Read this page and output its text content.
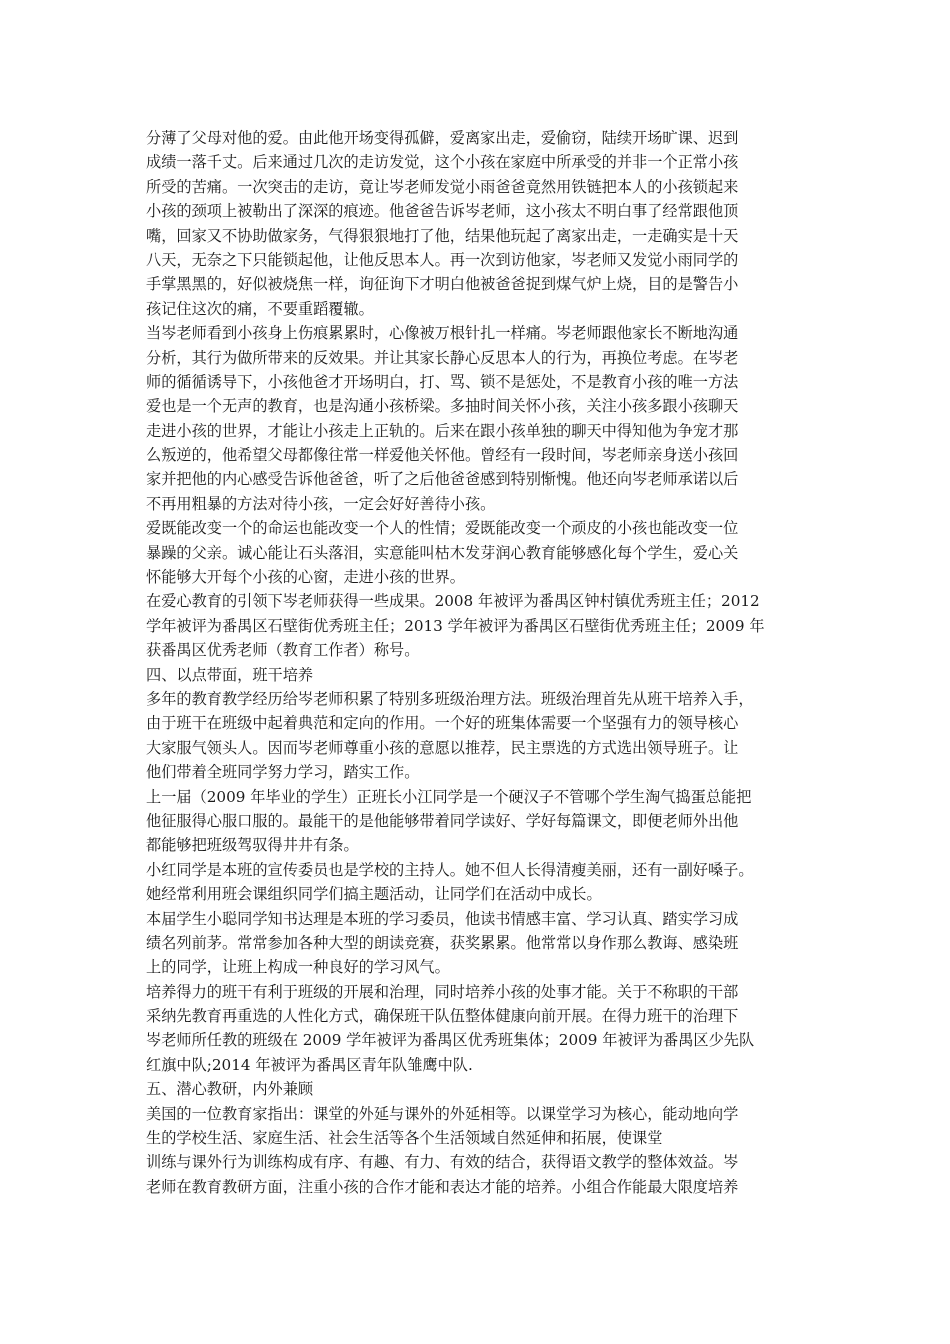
分薄了父母对他的爱。由此他开场变得孤僻，爱离家出走，爱偷窃，陆续开场旷课、迟到
成绩一落千丈。后来通过几次的走访发觉，这个小孩在家庭中所承受的并非一个正常小孩
所受的苦痛。一次突击的走访，竟让岑老师发觉小雨爸爸竟然用铁链把本人的小孩锁起来
小孩的颈项上被勒出了深深的痕迹。他爸爸告诉岑老师，这小孩太不明白事了经常跟他顶
嘴，回家又不协助做家务，气得狠狠地打了他，结果他玩起了离家出走，一走确实是十天
八天，无奈之下只能锁起他，让他反思本人。再一次到访他家，岑老师又发觉小雨同学的
手掌黑黑的，好似被烧焦一样，询征询下才明白他被爸爸捉到煤气炉上烧，目的是警告小
孩记住这次的痛，不要重蹈覆辙。
当岑老师看到小孩身上伤痕累累时，心像被万根针扎一样痛。岑老师跟他家长不断地沟通
分析，其行为做所带来的反效果。并让其家长静心反思本人的行为，再换位考虑。在岑老
师的循循诱导下，小孩他爸才开场明白，打、骂、锁不是惩处，不是教育小孩的唯一方法
爱也是一个无声的教育，也是沟通小孩桥梁。多抽时间关怀小孩，关注小孩多跟小孩聊天
走进小孩的世界，才能让小孩走上正轨的。后来在跟小孩单独的聊天中得知他为争宠才那
么叛逆的，他希望父母都像往常一样爱他关怀他。曾经有一段时间，岑老师亲身送小孩回
家并把他的内心感受告诉他爸爸，听了之后他爸爸感到特别惭愧。他还向岑老师承诺以后
不再用粗暴的方法对待小孩，一定会好好善待小孩。
爱既能改变一个的命运也能改变一个人的性情；爱既能改变一个顽皮的小孩也能改变一位
暴躁的父亲。诚心能让石头落泪，实意能叫枯木发芽润心教育能够感化每个学生，爱心关
怀能够大开每个小孩的心窗，走进小孩的世界。
在爱心教育的引领下岑老师获得一些成果。2008 年被评为番禺区钟村镇优秀班主任；2012
学年被评为番禺区石壁街优秀班主任；2013 学年被评为番禺区石壁街优秀班主任；2009 年
获番禺区优秀老师（教育工作者）称号。
四、以点带面，班干培养
多年的教育教学经历给岑老师积累了特别多班级治理方法。班级治理首先从班干培养入手，
由于班干在班级中起着典范和定向的作用。一个好的班集体需要一个坚强有力的领导核心
大家服气领头人。因而岑老师尊重小孩的意愿以推荐，民主票选的方式选出领导班子。让
他们带着全班同学努力学习，踏实工作。
上一届（2009 年毕业的学生）正班长小江同学是一个硬汉子不管哪个学生淘气捣蛋总能把
他征服得心服口服的。最能干的是他能够带着同学读好、学好每篇课文，即便老师外出他
都能够把班级驾驭得井井有条。
小红同学是本班的宣传委员也是学校的主持人。她不但人长得清瘦美丽，还有一副好嗓子。
她经常利用班会课组织同学们搞主题活动，让同学们在活动中成长。
本届学生小聪同学知书达理是本班的学习委员，他读书情感丰富、学习认真、踏实学习成
绩名列前茅。常常参加各种大型的朗读竞赛，获奖累累。他常常以身作那么教诲、感染班
上的同学，让班上构成一种良好的学习风气。
培养得力的班干有利于班级的开展和治理，同时培养小孩的处事才能。关于不称职的干部
采纳先教育再重选的人性化方式，确保班干队伍整体健康向前开展。在得力班干的治理下
岑老师所任教的班级在 2009 学年被评为番禺区优秀班集体；2009 年被评为番禺区少先队
红旗中队;2014 年被评为番禺区青年队雏鹰中队.
五、潜心教研，内外兼顾
美国的一位教育家指出：课堂的外延与课外的外延相等。以课堂学习为核心，能动地向学
生的学校生活、家庭生活、社会生活等各个生活领域自然延伸和拓展，使课堂
训练与课外行为训练构成有序、有趣、有力、有效的结合，获得语文教学的整体效益。岑
老师在教育教研方面，注重小孩的合作才能和表达才能的培养。小组合作能最大限度培养
